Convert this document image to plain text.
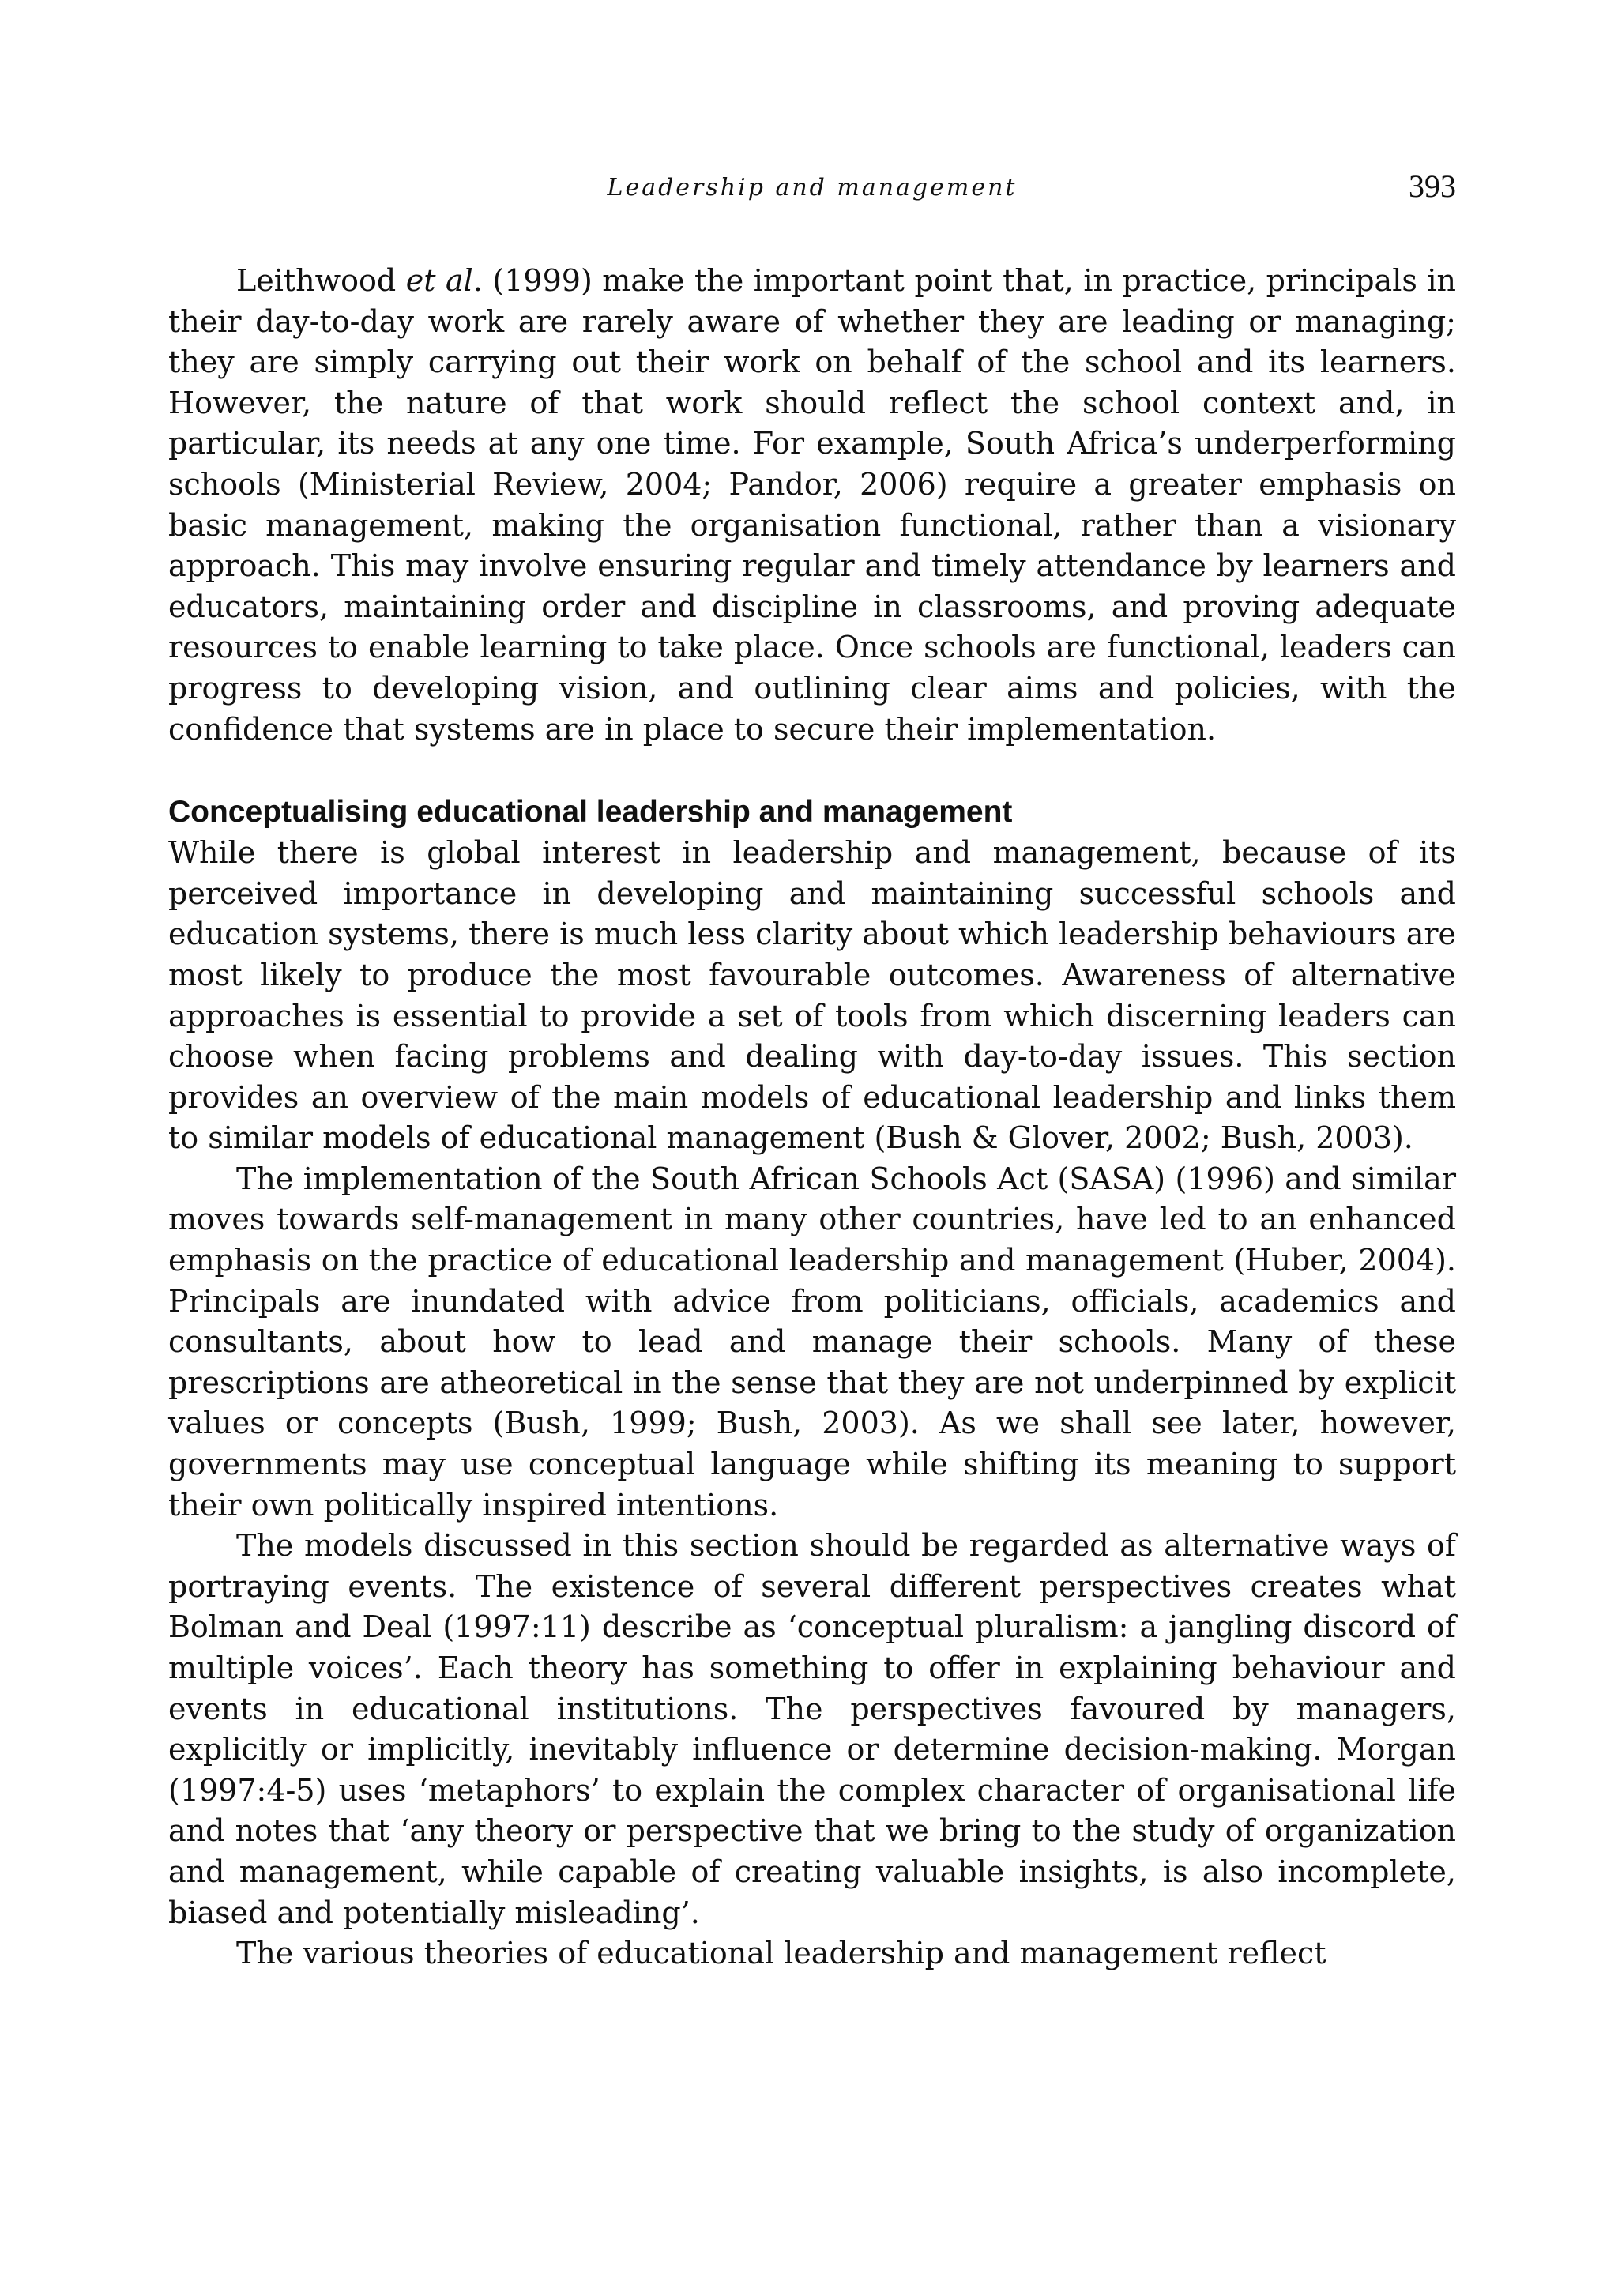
Leadership and management	393

Leithwood et al. (1999) make the important point that, in practice, principals in their day-to-day work are rarely aware of whether they are leading or managing; they are simply carrying out their work on behalf of the school and its learners. However, the nature of that work should reflect the school context and, in particular, its needs at any one time. For example, South Africa’s underperforming schools (Ministerial Review, 2004; Pandor, 2006) require a greater emphasis on basic management, making the organisation functional, rather than a visionary approach. This may involve ensuring regular and timely attendance by learners and educators, maintaining order and discipline in classrooms, and proving adequate resources to enable learning to take place. Once schools are functional, leaders can progress to developing vision, and outlining clear aims and policies, with the confidence that systems are in place to secure their implementation.

Conceptualising educational leadership and management

While there is global interest in leadership and management, because of its perceived importance in developing and maintaining successful schools and education systems, there is much less clarity about which leadership behaviours are most likely to produce the most favourable outcomes. Awareness of alternative approaches is essential to provide a set of tools from which discerning leaders can choose when facing problems and dealing with day-to-day issues. This section provides an overview of the main models of educational leadership and links them to similar models of educational management (Bush & Glover, 2002; Bush, 2003).

The implementation of the South African Schools Act (SASA) (1996) and similar moves towards self-management in many other countries, have led to an enhanced emphasis on the practice of educational leadership and management (Huber, 2004). Principals are inundated with advice from politicians, officials, academics and consultants, about how to lead and manage their schools. Many of these prescriptions are atheoretical in the sense that they are not underpinned by explicit values or concepts (Bush, 1999; Bush, 2003). As we shall see later, however, governments may use conceptual language while shifting its meaning to support their own politically inspired intentions.

The models discussed in this section should be regarded as alternative ways of portraying events. The existence of several different perspectives creates what Bolman and Deal (1997:11) describe as ‘conceptual pluralism: a jangling discord of multiple voices’. Each theory has something to offer in explaining behaviour and events in educational institutions. The perspectives favoured by managers, explicitly or implicitly, inevitably influence or determine decision-making. Morgan (1997:4-5) uses ‘metaphors’ to explain the complex character of organisational life and notes that ‘any theory or perspective that we bring to the study of organization and management, while capable of creating valuable insights, is also incomplete, biased and potentially misleading’.

The various theories of educational leadership and management reflect
